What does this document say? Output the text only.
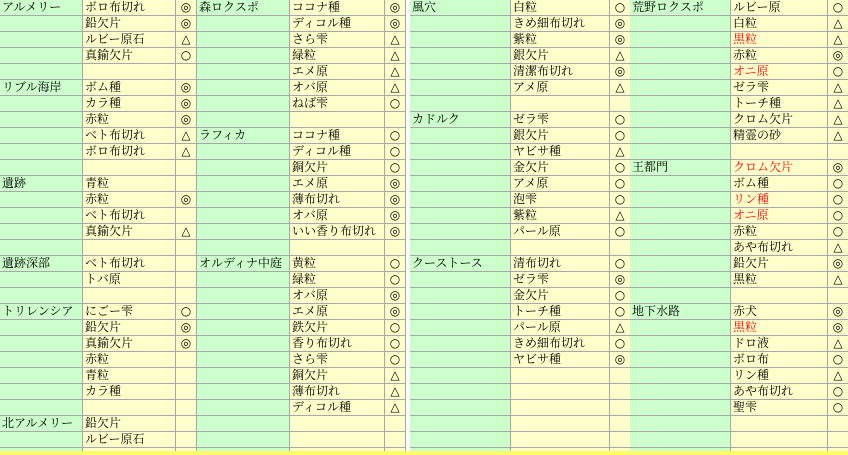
アルメリー
リブル海岸
遺跡
遺跡深部
トリレンシア
北アルメリー
ボロ布切れ
鉛欠片
ルビー原石
真鍮欠片
ボム種
カラ種
赤粒
ベト布切れ
ボロ布切れ
青粒
赤粒
ベト布切れ
真鍮欠片
ベト布切れ
トバ原
にごー雫
鉛欠片
真鍮欠片
赤粒
青粒
カラ種
鉛欠片
ルビー原石
◎
◎
△
○
◎
◎
◎
△
△
◎
△
○
◎
◎
森ロクスポ
ラフィカ
オルディナ中庭
ココナ種
ディコル種
さら雫
緑粒
エメ原
オバ原
ねば雫
ココナ種
ディコル種
銅欠片
エメ原
薄布切れ
オバ原
いい香り布切れ
黄粒
緑粒
オバ原
エメ原
鉄欠片
香り布切れ
さら雫
銅欠片
薄布切れ
ディコル種
◎
◎
△
△
△
△
○
○
○
○
◎
◎
◎
◎
○
○
◎
◎
○
○
○
△
△
△
風穴
カドルク
クーストース
白粒
きめ細布切れ
紫粒
銀欠片
清潔布切れ
アメ原
ゼラ雫
銀欠片
ヤビサ種
金欠片
アメ原
泡雫
紫粒
パール原
清布切れ
ゼラ雫
金欠片
トーチ種
パール原
きめ細布切れ
ヤビサ種
○
◎
◎
△
◎
△
○
○
△
○
○
○
△
○
○
◎
○
○
△
○
◎
荒野ロクスポ
王都門
地下水路
ルビー原
白粒
黒粒
赤粒
オニ原
ゼラ雫
トーチ種
クロム欠片
精霊の砂
クロム欠片
ボム種
リン種
オニ原
赤粒
あや布切れ
鉛欠片
黒粒
赤犬
黒粒
ドロ液
ボロ布
リン種
あや布切れ
聖雫
○
△
△
◎
○
△
△
△
△
◎
○
○
○
○
△
◎
△
◎
◎
△
○
△
○
○
